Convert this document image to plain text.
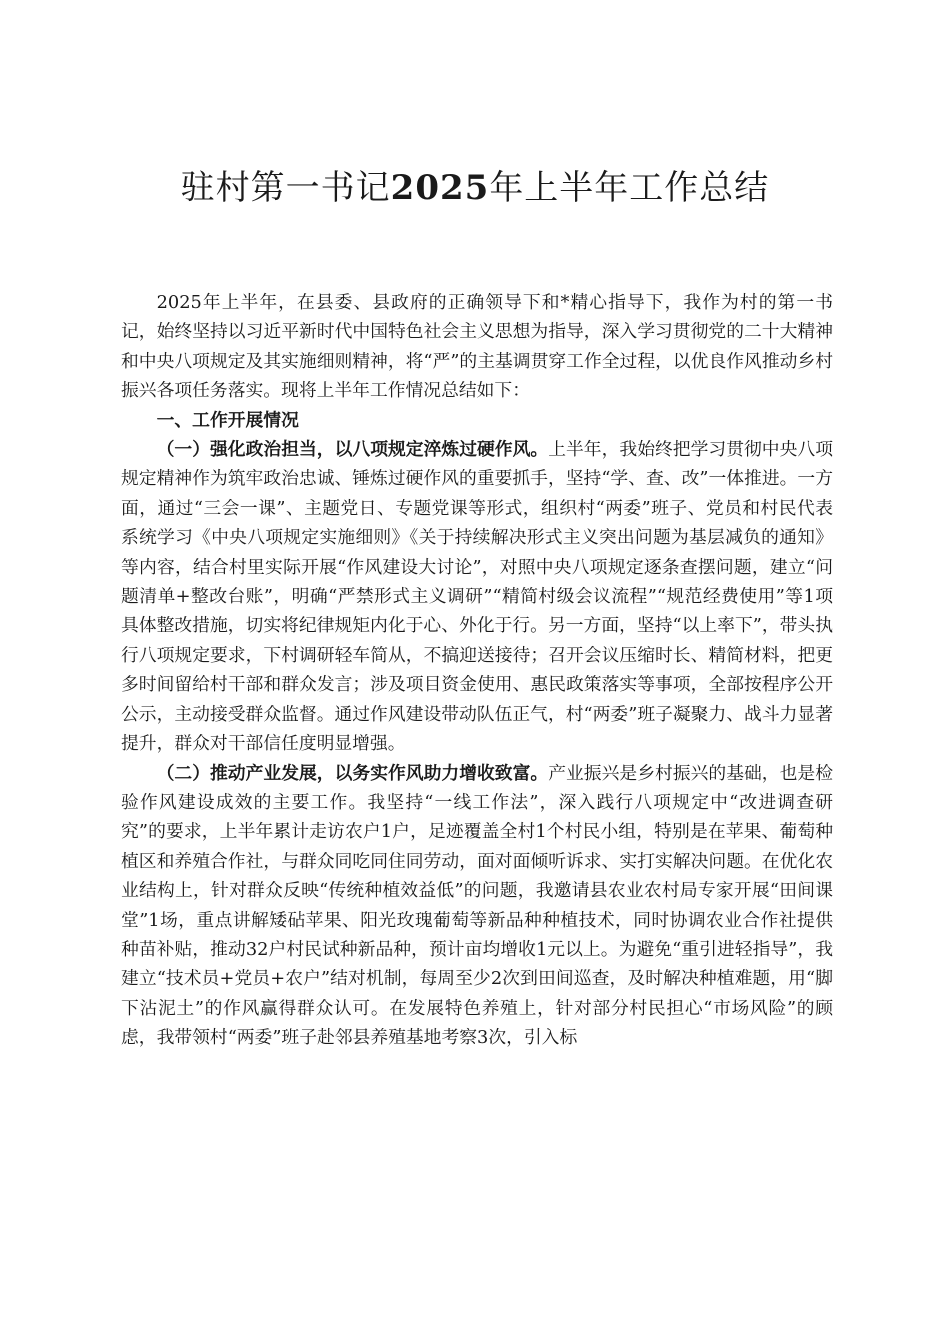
驻村第一书记2025年上半年工作总结

2025年上半年，在县委、县政府的正确领导下和*精心指导下，我作为村的第一书记，始终坚持以习近平新时代中国特色社会主义思想为指导，深入学习贯彻党的二十大精神和中央八项规定及其实施细则精神，将“严”的主基调贯穿工作全过程，以优良作风推动乡村振兴各项任务落实。现将上半年工作情况总结如下：

一、工作开展情况

（一）强化政治担当，以八项规定淬炼过硬作风。上半年，我始终把学习贯彻中央八项规定精神作为筑牢政治忠诚、锤炼过硬作风的重要抓手，坚持“学、查、改”一体推进。一方面，通过“三会一课”、主题党日、专题党课等形式，组织村“两委”班子、党员和村民代表系统学习《中央八项规定实施细则》《关于持续解决形式主义突出问题为基层减负的通知》等内容，结合村里实际开展“作风建设大讨论”，对照中央八项规定逐条查摆问题，建立“问题清单+整改台账”，明确“严禁形式主义调研”“精简村级会议流程”“规范经费使用”等1项具体整改措施，切实将纪律规矩内化于心、外化于行。另一方面，坚持“以上率下”，带头执行八项规定要求，下村调研轻车简从，不搞迎送接待；召开会议压缩时长、精简材料，把更多时间留给村干部和群众发言；涉及项目资金使用、惠民政策落实等事项，全部按程序公开公示，主动接受群众监督。通过作风建设带动队伍正气，村“两委”班子凝聚力、战斗力显著提升，群众对干部信任度明显增强。

（二）推动产业发展，以务实作风助力增收致富。产业振兴是乡村振兴的基础，也是检验作风建设成效的主要工作。我坚持“一线工作法”，深入践行八项规定中“改进调查研究”的要求，上半年累计走访农户1户，足迹覆盖全村1个村民小组，特别是在苹果、葡萄种植区和养殖合作社，与群众同吃同住同劳动，面对面倾听诉求、实打实解决问题。在优化农业结构上，针对群众反映“传统种植效益低”的问题，我邀请县农业农村局专家开展“田间课堂”1场，重点讲解矮砧苹果、阳光玫瑰葡萄等新品种种植技术，同时协调农业合作社提供种苗补贴，推动32户村民试种新品种，预计亩均增收1元以上。为避免“重引进轻指导”，我建立“技术员+党员+农户”结对机制，每周至少2次到田间巡查，及时解决种植难题，用“脚下沾泥土”的作风赢得群众认可。在发展特色养殖上，针对部分村民担心“市场风险”的顾虑，我带领村“两委”班子赴邻县养殖基地考察3次，引入标
